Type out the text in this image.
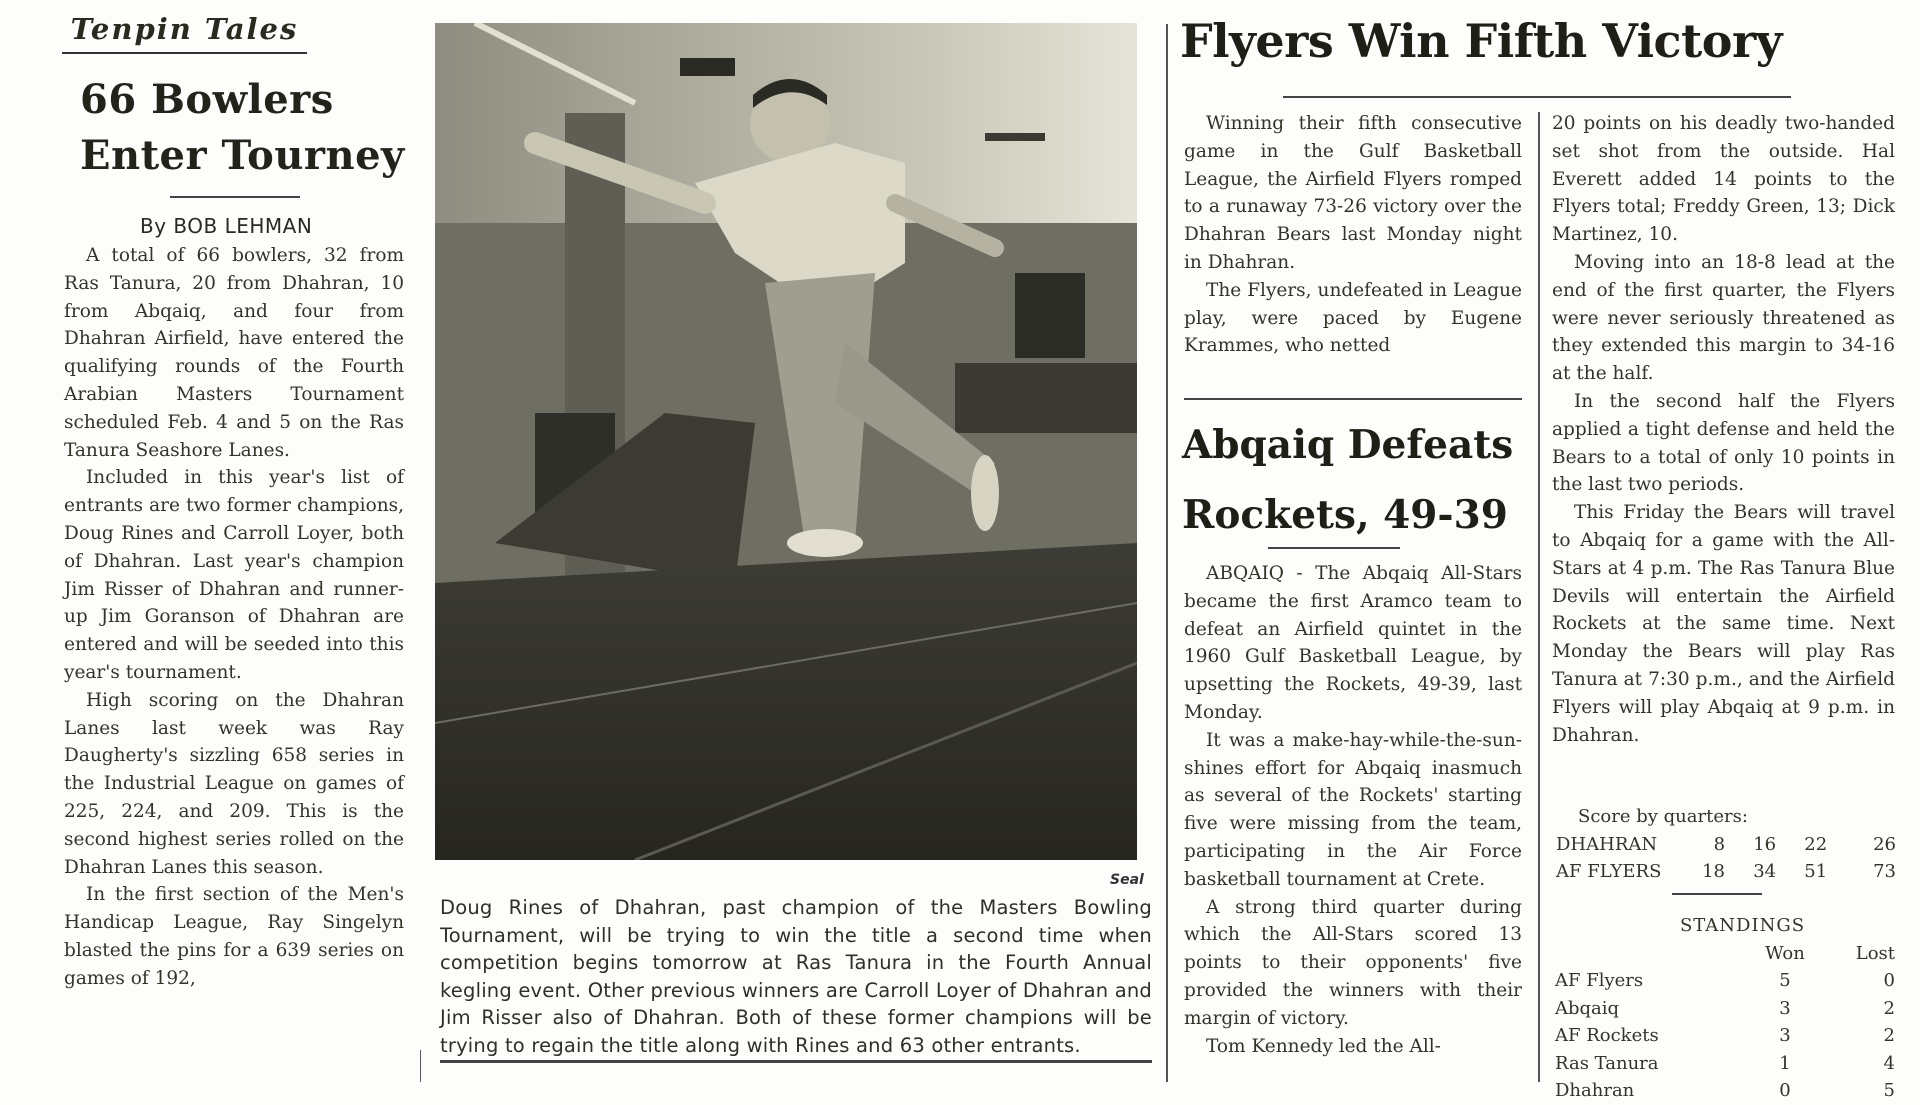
Tenpin Tales
66 Bowlers
Enter Tourney
By BOB LEHMAN

A total of 66 bowlers, 32 from Ras Tanura, 20 from Dhahran, 10 from Abqaiq, and four from Dhahran Airfield, have entered the qualifying rounds of the Fourth Arabian Masters Tournament scheduled Feb. 4 and 5 on the Ras Tanura Seashore Lanes.

Included in this year's list of entrants are two former champions, Doug Rines and Carroll Loyer, both of Dhahran. Last year's champion Jim Risser of Dhahran and runner-up Jim Goranson of Dhahran are entered and will be seeded into this year's tournament.

High scoring on the Dhahran Lanes last week was Ray Daugherty's sizzling 658 series in the Industrial League on games of 225, 224, and 209. This is the second highest series rolled on the Dhahran Lanes this season.

In the first section of the Men's Handicap League, Ray Singelyn blasted the pins for a 639 series on games of 192,

Seal
Doug Rines of Dhahran, past champion of the Masters Bowling Tournament, will be trying to win the title a second time when competition begins tomorrow at Ras Tanura in the Fourth Annual kegling event. Other previous winners are Carroll Loyer of Dhahran and Jim Risser also of Dhahran. Both of these former champions will be trying to regain the title along with Rines and 63 other entrants.
Flyers Win Fifth Victory

Winning their fifth consecutive game in the Gulf Basketball League, the Airfield Flyers romped to a runaway 73-26 victory over the Dhahran Bears last Monday night in Dhahran.

The Flyers, undefeated in League play, were paced by Eugene Krammes, who netted

Abqaiq Defeats
Rockets, 49-39

ABQAIQ - The Abqaiq All-Stars became the first Aramco team to defeat an Airfield quintet in the 1960 Gulf Basketball League, by upsetting the Rockets, 49-39, last Monday.

It was a make-hay-while-the-sun-shines effort for Abqaiq inasmuch as several of the Rockets' starting five were missing from the team, participating in the Air Force basketball tournament at Crete.

A strong third quarter during which the All-Stars scored 13 points to their opponents' five provided the winners with their margin of victory.

Tom Kennedy led the All-

20 points on his deadly two-handed set shot from the outside. Hal Everett added 14 points to the Flyers total; Freddy Green, 13; Dick Martinez, 10.

Moving into an 18-8 lead at the end of the first quarter, the Flyers were never seriously threatened as they extended this margin to 34-16 at the half.

In the second half the Flyers applied a tight defense and held the Bears to a total of only 10 points in the last two periods.

This Friday the Bears will travel to Abqaiq for a game with the All-Stars at 4 p.m. The Ras Tanura Blue Devils will entertain the Airfield Rockets at the same time. Next Monday the Bears will play Ras Tanura at 7:30 p.m., and the Airfield Flyers will play Abqaiq at 9 p.m. in Dhahran.

Score by quarters:
DHAHRAN	8	16	22	26
AF FLYERS	18	34	51	73
STANDINGS
Won	Lost
AF Flyers	5	0
Abqaiq	3	2
AF Rockets	3	2
Ras Tanura	1	4
Dhahran	0	5
